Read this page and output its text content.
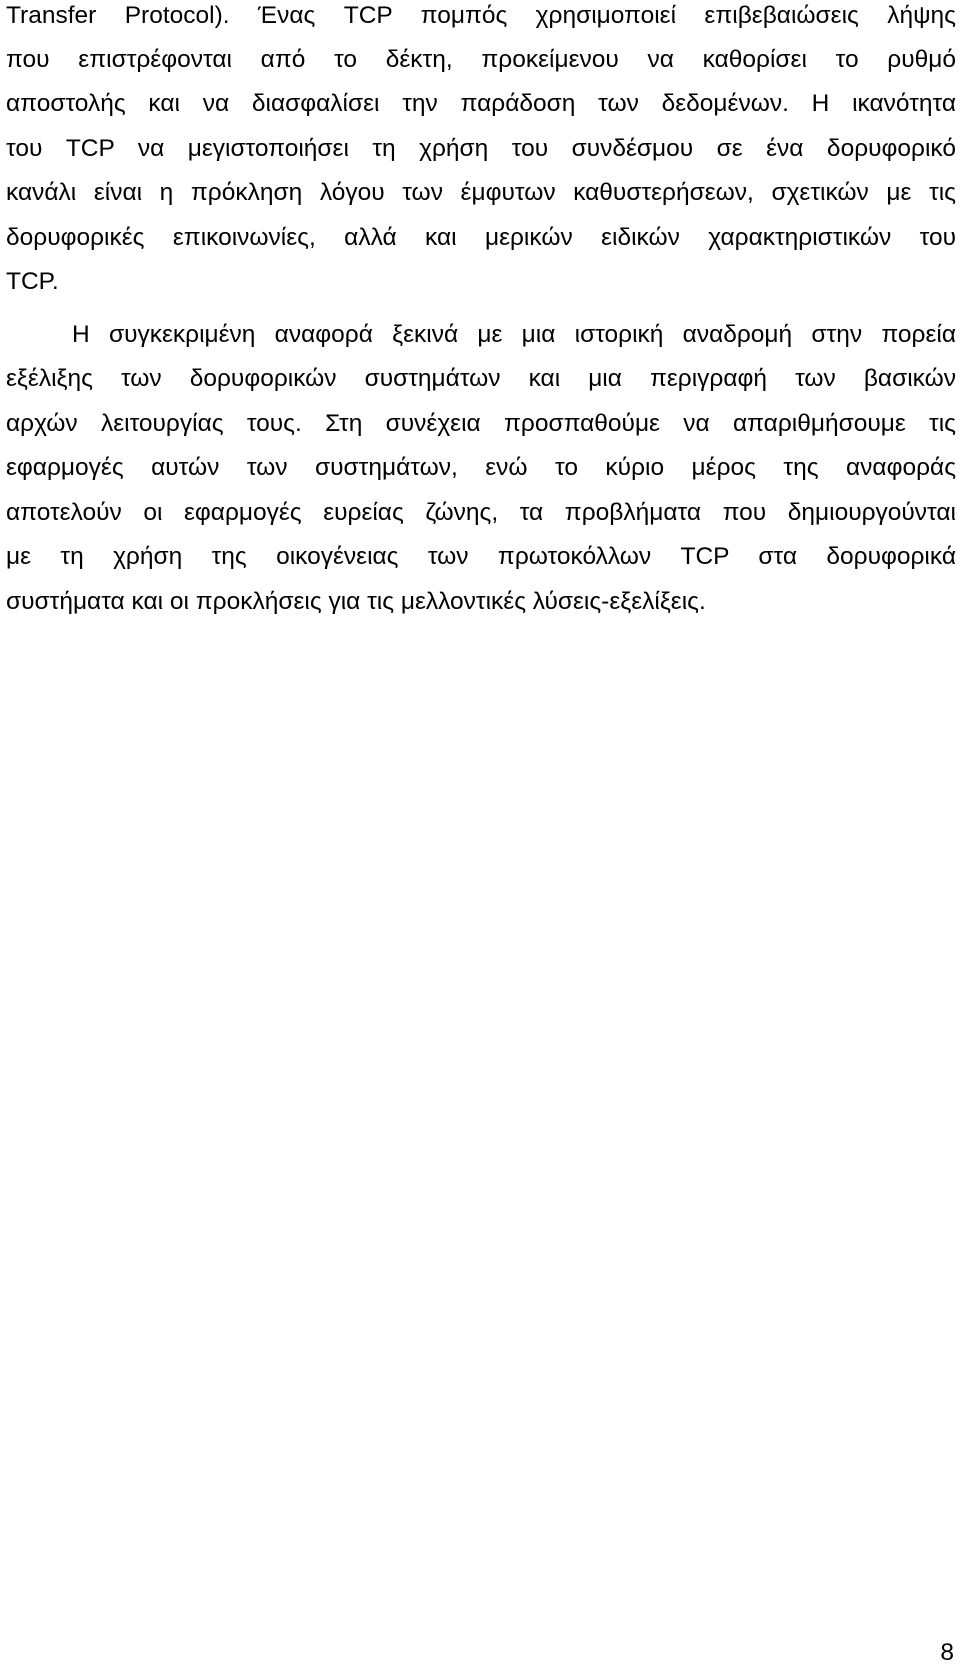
Transfer Protocol). Ένας TCP πομπός χρησιμοποιεί επιβεβαιώσεις λήψης
που επιστρέφονται από το δέκτη, προκείμενου να καθορίσει το ρυθμό
αποστολής και να διασφαλίσει την παράδοση των δεδομένων. Η ικανότητα
του TCP να μεγιστοποιήσει τη χρήση του συνδέσμου σε ένα δορυφορικό
κανάλι είναι η πρόκληση λόγου των έμφυτων καθυστερήσεων, σχετικών με τις
δορυφορικές επικοινωνίες, αλλά και μερικών ειδικών χαρακτηριστικών του
TCP.
Η συγκεκριμένη αναφορά ξεκινά με μια ιστορική αναδρομή στην πορεία
εξέλιξης των δορυφορικών συστημάτων και μια περιγραφή των βασικών
αρχών λειτουργίας τους. Στη συνέχεια προσπαθούμε να απαριθμήσουμε τις
εφαρμογές αυτών των συστημάτων, ενώ το κύριο μέρος της αναφοράς
αποτελούν οι εφαρμογές ευρείας ζώνης, τα προβλήματα που δημιουργούνται
με τη χρήση της οικογένειας των πρωτοκόλλων TCP στα δορυφορικά
συστήματα και οι προκλήσεις για τις μελλοντικές λύσεις-εξελίξεις.
8
